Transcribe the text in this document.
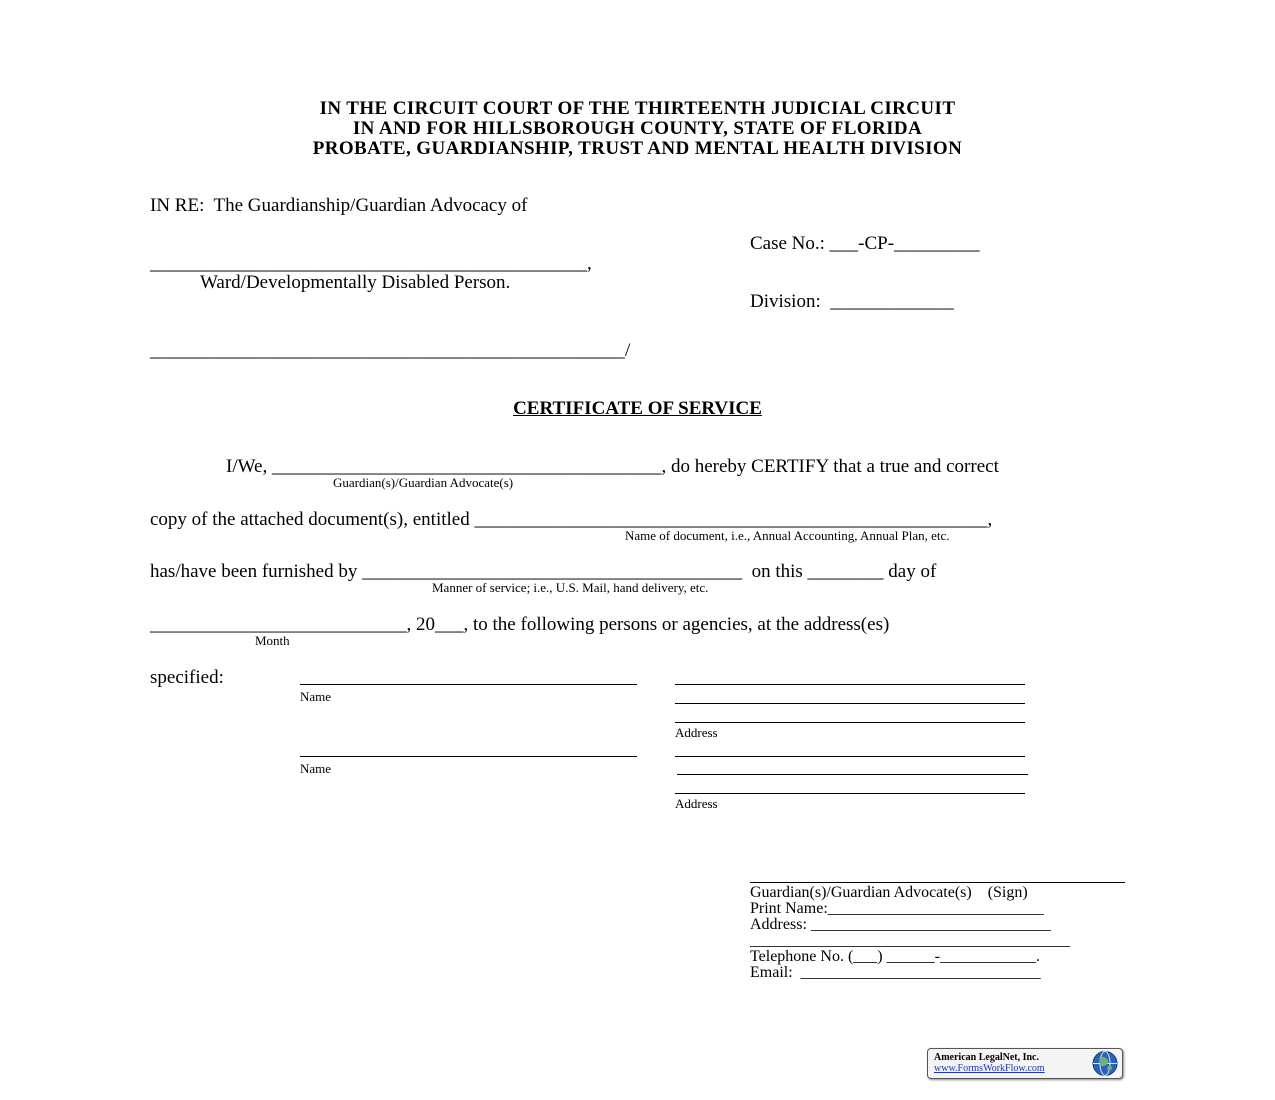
IN THE CIRCUIT COURT OF THE THIRTEENTH JUDICIAL CIRCUIT
IN AND FOR HILLSBOROUGH COUNTY, STATE OF FLORIDA
PROBATE, GUARDIANSHIP, TRUST AND MENTAL HEALTH DIVISION
IN RE:  The Guardianship/Guardian Advocacy of
Case No.: ___-CP-_________
______________________________________________,
Ward/Developmentally Disabled Person.
Division:  _____________
__________________________________________________/
CERTIFICATE OF SERVICE
I/We, _________________________________________, do hereby CERTIFY that a true and correct
Guardian(s)/Guardian Advocate(s)
copy of the attached document(s), entitled ______________________________________________________,
Name of document, i.e., Annual Accounting, Annual Plan, etc.
has/have been furnished by ________________________________________  on this ________ day of
Manner of service; i.e., U.S. Mail, hand delivery, etc.
___________________________, 20___, to the following persons or agencies, at the address(es)
Month
specified:
Name
Address
Name
Address
Guardian(s)/Guardian Advocate(s)    (Sign)
Print Name:___________________________
Address: ______________________________
________________________________________
Telephone No. (___) ______-____________.
Email:  ______________________________
American LegalNet, Inc.
www.FormsWorkFlow.com
